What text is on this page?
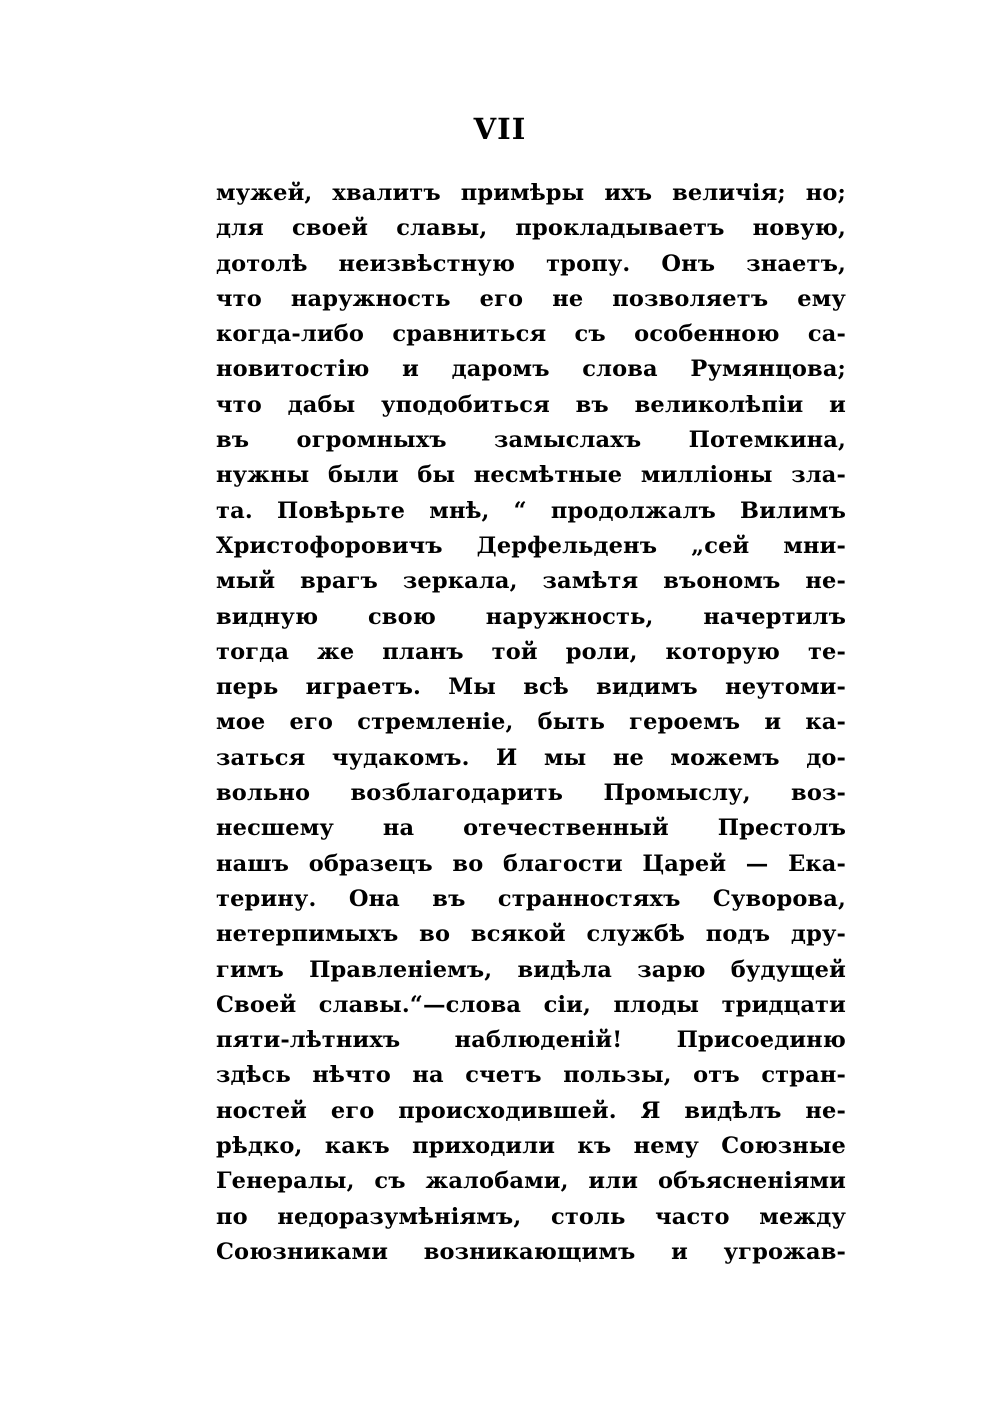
VII
мужей, хвалитъ примѣры ихъ величія; но;
для своей славы, прокладываетъ новую,
дотолѣ неизвѣстную тропу. Онъ знаетъ,
что наружность его не позволяетъ ему
когда-либо сравниться съ особенною са-
новитостію и даромъ слова Румянцова;
что дабы уподобиться въ великолѣпіи и
въ огромныхъ замыслахъ Потемкина,
нужны были бы несмѣтные милліоны зла-
та. Повѣрьте мнѣ, “ продолжалъ Вилимъ
Христофоровичъ Дерфельденъ „сей мни-
мый врагъ зеркала, замѣтя въономъ не-
видную свою наружность, начертилъ
тогда же планъ той роли, которую те-
перь играетъ. Мы всѣ видимъ неутоми-
мое его стремленіе, быть героемъ и ка-
заться чудакомъ. И мы не можемъ до-
вольно возблагодарить Промыслу, воз-
несшему на отечественный Престолъ
нашъ образецъ во благости Царей — Ека-
терину. Она въ странностяхъ Суворова,
нетерпимыхъ во всякой службѣ подъ дру-
гимъ Правленіемъ, видѣла зарю будущей
Своей славы.“—слова сіи, плоды тридцати
пяти-лѣтнихъ наблюденій! Присоединю
здѣсь нѣчто на счетъ пользы, отъ стран-
ностей его происходившей. Я видѣлъ не-
рѣдко, какъ приходили къ нему Союзные
Генералы, съ жалобами, или объясненіями
по недоразумѣніямъ, столь часто между
Союзниками возникающимъ и угрожав-
